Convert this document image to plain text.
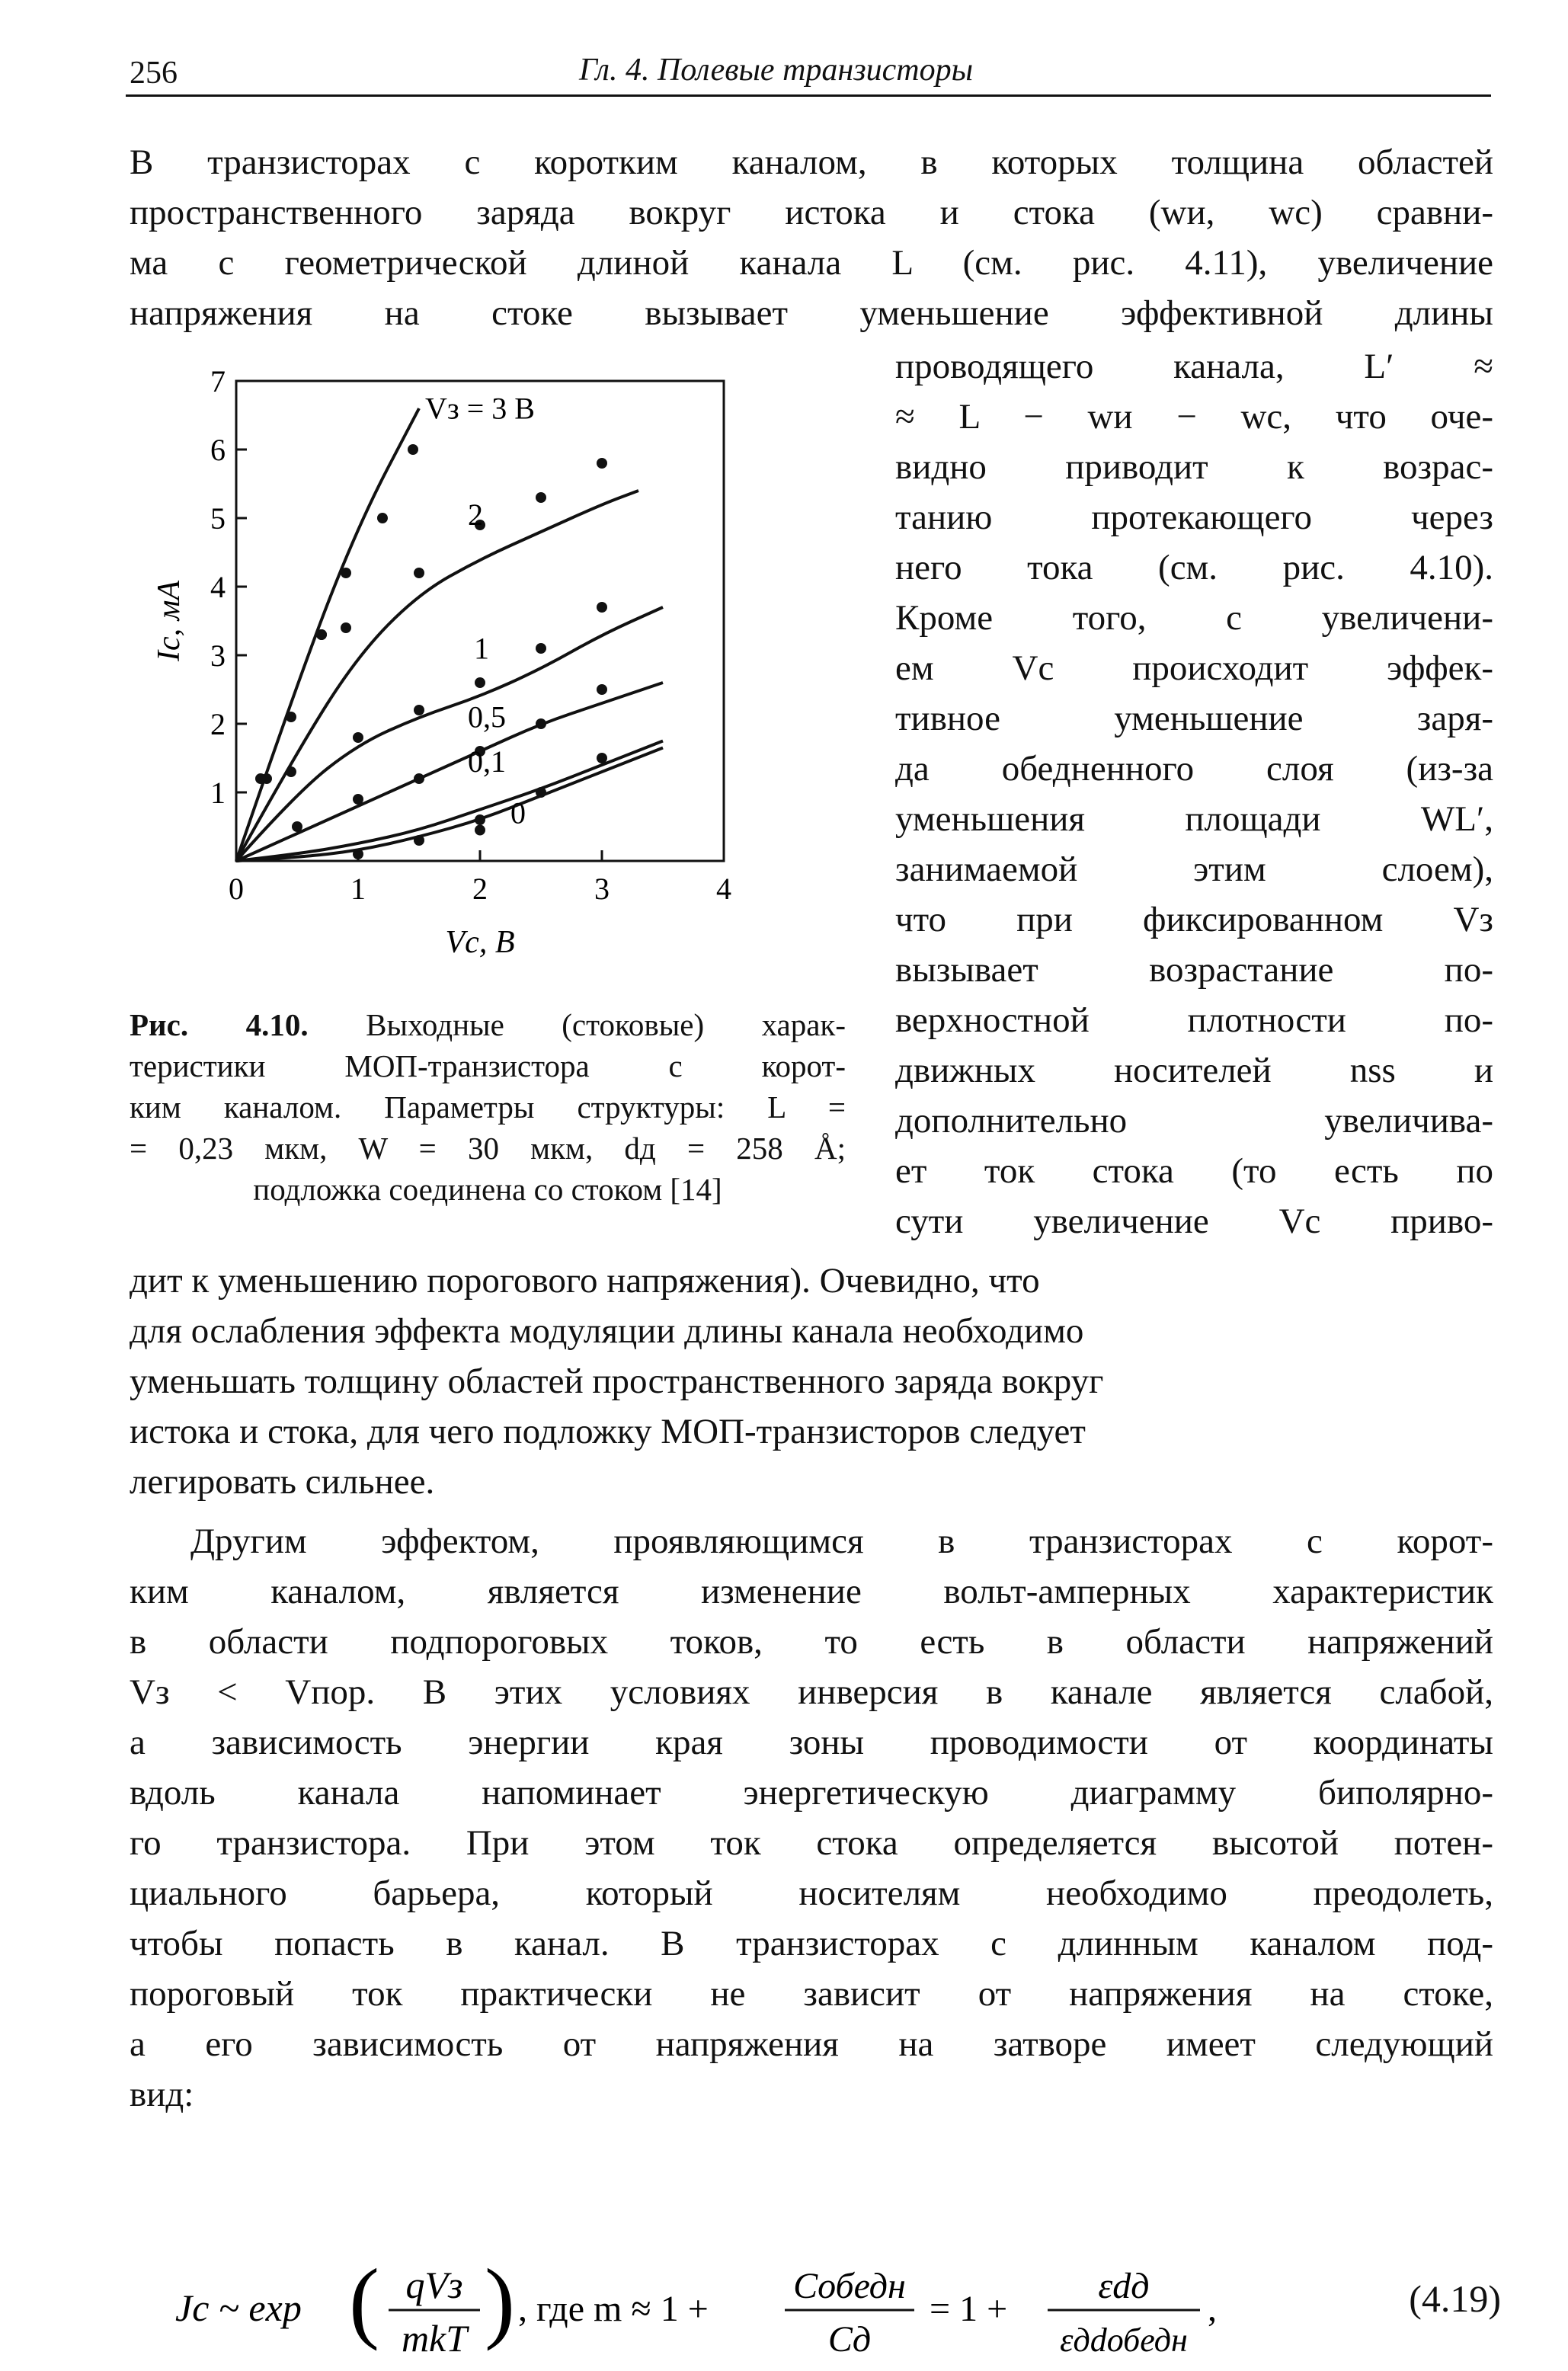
256	Гл. 4. Полевые транзисторы
В транзисторах с коротким каналом, в которых толщина областей
пространственного заряда вокруг истока и стока (wи, wс) сравни-
ма с геометрической длиной канала L (см. рис. 4.11), увеличение
напряжения на стоке вызывает уменьшение эффективной длины
проводящего канала, L′ ≈
≈ L − wи − wс, что оче-
видно приводит к возрас-
танию протекающего через
него тока (см. рис. 4.10).
Кроме того, с увеличени-
ем Vс происходит эффек-
тивное уменьшение заря-
да обедненного слоя (из-за
уменьшения площади WL′,
занимаемой этим слоем),
что при фиксированном Vз
вызывает возрастание по-
верхностной плотности по-
движных носителей nss и
дополнительно увеличива-
ет ток стока (то есть по
сути увеличение Vс приво-
0	1	2	3	4
1
2
3
4
5
6
7
Vс, В
Iс, мА
Vз = 3 В
2
1
0,5
0,1
0
Рис. 4.10. Выходные (стоковые) харак-
теристики МОП-транзистора с корот-
ким каналом. Параметры структуры: L =
= 0,23 мкм, W = 30 мкм, dд = 258 Å;
подложка соединена со стоком [14]
дит к уменьшению порогового напряжения). Очевидно, что
для ослабления эффекта модуляции длины канала необходимо
уменьшать толщину областей пространственного заряда вокруг
истока и стока, для чего подложку МОП-транзисторов следует
легировать сильнее.
Другим эффектом, проявляющимся в транзисторах с корот-
ким каналом, является изменение вольт-амперных характеристик
в области подпороговых токов, то есть в области напряжений
Vз < Vпор. В этих условиях инверсия в канале является слабой,
а зависимость энергии края зоны проводимости от координаты
вдоль канала напоминает энергетическую диаграмму биполярно-
го транзистора. При этом ток стока определяется высотой потен-
циального барьера, который носителям необходимо преодолеть,
чтобы попасть в канал. В транзисторах с длинным каналом под-
пороговый ток практически не зависит от напряжения на стоке,
а его зависимость от напряжения на затворе имеет следующий
вид:
Jс ~ exp ( qVз
mkT ) , где m ≈ 1 +
Cобедн
Cд
= 1 +
εdд
εдdобедн
,	(4.19)
